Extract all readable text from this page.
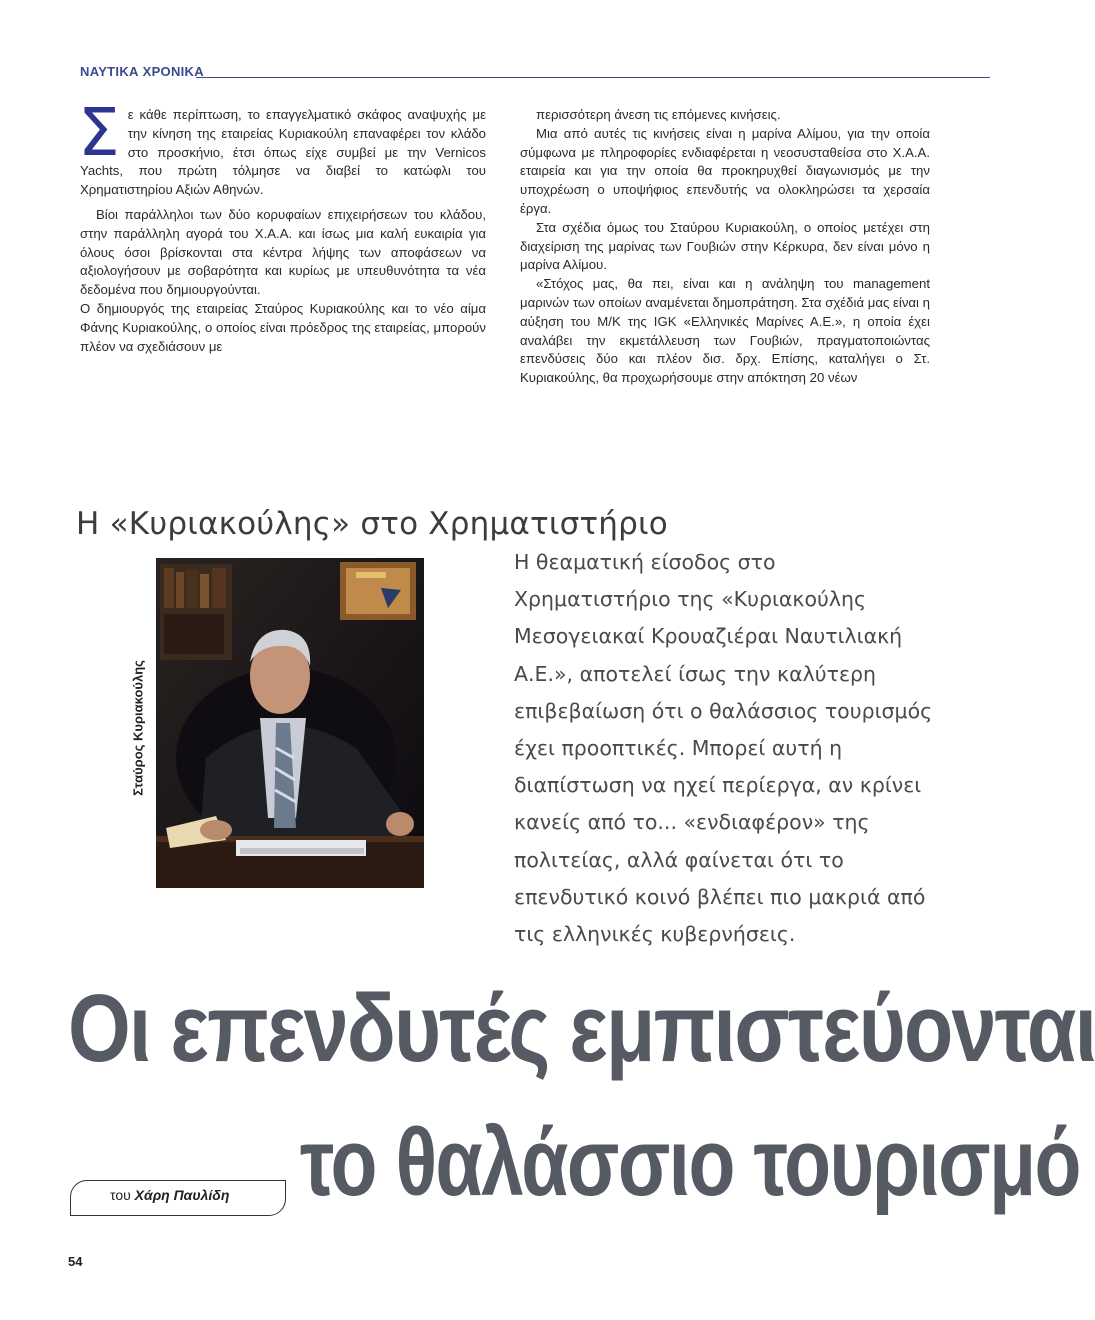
ΝΑΥΤΙΚΑ ΧΡΟΝΙΚΑ
Σ ε κάθε περίπτωση, το επαγγελματικό σκάφος αναψυχής με την κίνηση της εταιρείας Κυριακούλη επαναφέρει τον κλάδο στο προσκήνιο, έτσι όπως είχε συμβεί με την Vernicos Yachts, που πρώτη τόλμησε να διαβεί το κατώφλι του Χρηματιστηρίου Αξιών Αθηνών.

Βίοι παράλληλοι των δύο κορυφαίων επιχειρήσεων του κλάδου, στην παράλληλη αγορά του Χ.Α.Α. και ίσως μια καλή ευκαιρία για όλους όσοι βρίσκονται στα κέντρα λήψης των αποφάσεων να αξιολογήσουν με σοβαρότητα και κυρίως με υπευθυνότητα τα νέα δεδομένα που δημιουργούνται.

Ο δημιουργός της εταιρείας Σταύρος Κυριακούλης και το νέο αίμα Φάνης Κυριακούλης, ο οποίος είναι πρόεδρος της εταιρείας, μπορούν πλέον να σχεδιάσουν με

περισσότερη άνεση τις επόμενες κινήσεις.

Μια από αυτές τις κινήσεις είναι η μαρίνα Αλίμου, για την οποία σύμφωνα με πληροφορίες ενδιαφέρεται η νεοσυσταθείσα στο Χ.Α.Α. εταιρεία και για την οποία θα προκηρυχθεί διαγωνισμός με την υποχρέωση ο υποψήφιος επενδυτής να ολοκληρώσει τα χερσαία έργα.

Στα σχέδια όμως του Σταύρου Κυριακούλη, ο οποίος μετέχει στη διαχείριση της μαρίνας των Γουβιών στην Κέρκυρα, δεν είναι μόνο η μαρίνα Αλίμου.

«Στόχος μας, θα πει, είναι και η ανάληψη του management μαρινών των οποίων αναμένεται δημοπράτηση. Στα σχέδιά μας είναι η αύξηση του Μ/Κ της IGK «Ελληνικές Μαρίνες Α.Ε.», η οποία έχει αναλάβει την εκμετάλλευση των Γουβιών, πραγματοποιώντας επενδύσεις δύο και πλέον δισ. δρχ. Επίσης, καταλήγει ο Στ. Κυριακούλης, θα προχωρήσουμε στην απόκτηση 20 νέων

Η «Κυριακούλης» στο Χρηματιστήριο
Σταύρος Κυριακούλης
Η θεαματική είσοδος στο Χρηματιστήριο της «Κυριακούλης Μεσογειακαί Κρουαζιέραι Ναυτιλιακή Α.Ε.», αποτελεί ίσως την καλύτερη επιβεβαίωση ότι ο θαλάσσιος τουρισμός έχει προοπτικές. Μπορεί αυτή η διαπίστωση να ηχεί περίεργα, αν κρίνει κανείς από το... «ενδιαφέρον» της πολιτείας, αλλά φαίνεται ότι το επενδυτικό κοινό βλέπει πιο μακριά από τις ελληνικές κυβερνήσεις.
Οι επενδυτές εμπιστεύονται
το θαλάσσιο τουρισμό
του Χάρη Παυλίδη
54
